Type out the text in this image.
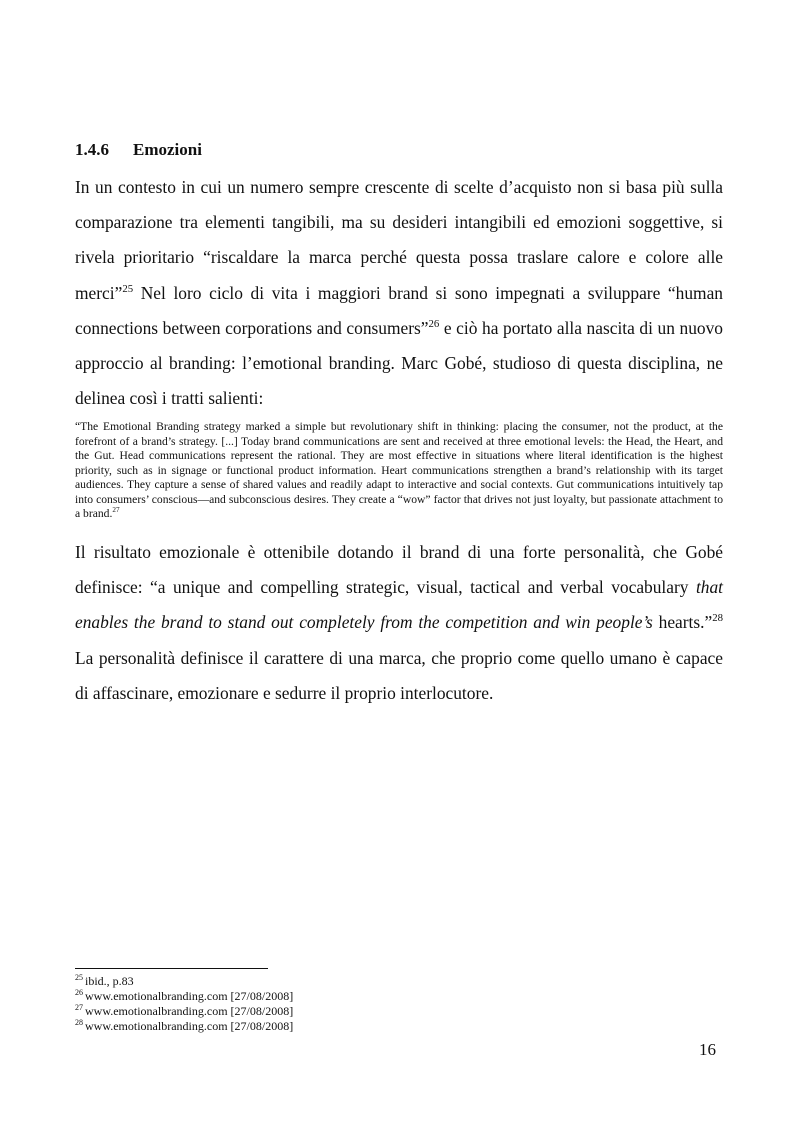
1.4.6 Emozioni

In un contesto in cui un numero sempre crescente di scelte d’acquisto non si basa più sulla comparazione tra elementi tangibili, ma su desideri intangibili ed emozioni soggettive, si rivela prioritario “riscaldare la marca perché questa possa traslare calore e colore alle merci”$^{25}$ Nel loro ciclo di vita i maggiori brand si sono impegnati a sviluppare “human connections between corporations and consumers”$^{26}$ e ciò ha portato alla nascita di un nuovo approccio al branding: l’emotional branding. Marc Gobé, studioso di questa disciplina, ne delinea così i tratti salienti:

“The Emotional Branding strategy marked a simple but revolutionary shift in thinking: placing the consumer, not the product, at the forefront of a brand’s strategy. [...] Today brand communications are sent and received at three emotional levels: the Head, the Heart, and the Gut. Head communications represent the rational. They are most effective in situations where literal identification is the highest priority, such as in signage or functional product information. Heart communications strengthen a brand’s relationship with its target audiences. They capture a sense of shared values and readily adapt to interactive and social contexts. Gut communications intuitively tap into consumers’ conscious—and subconscious desires. They create a “wow” factor that drives not just loyalty, but passionate attachment to a brand.$^{27}$

Il risultato emozionale è ottenibile dotando il brand di una forte personalità, che Gobé definisce: “a unique and compelling strategic, visual, tactical and verbal vocabulary that enables the brand to stand out completely from the competition and win people’s hearts.”$^{28}$ La personalità definisce il carattere di una marca, che proprio come quello umano è capace di affascinare, emozionare e sedurre il proprio interlocutore.

$^{25}$ ibid., p.83
$^{26}$ www.emotionalbranding.com [27/08/2008]
$^{27}$ www.emotionalbranding.com [27/08/2008]
$^{28}$ www.emotionalbranding.com [27/08/2008]
16
